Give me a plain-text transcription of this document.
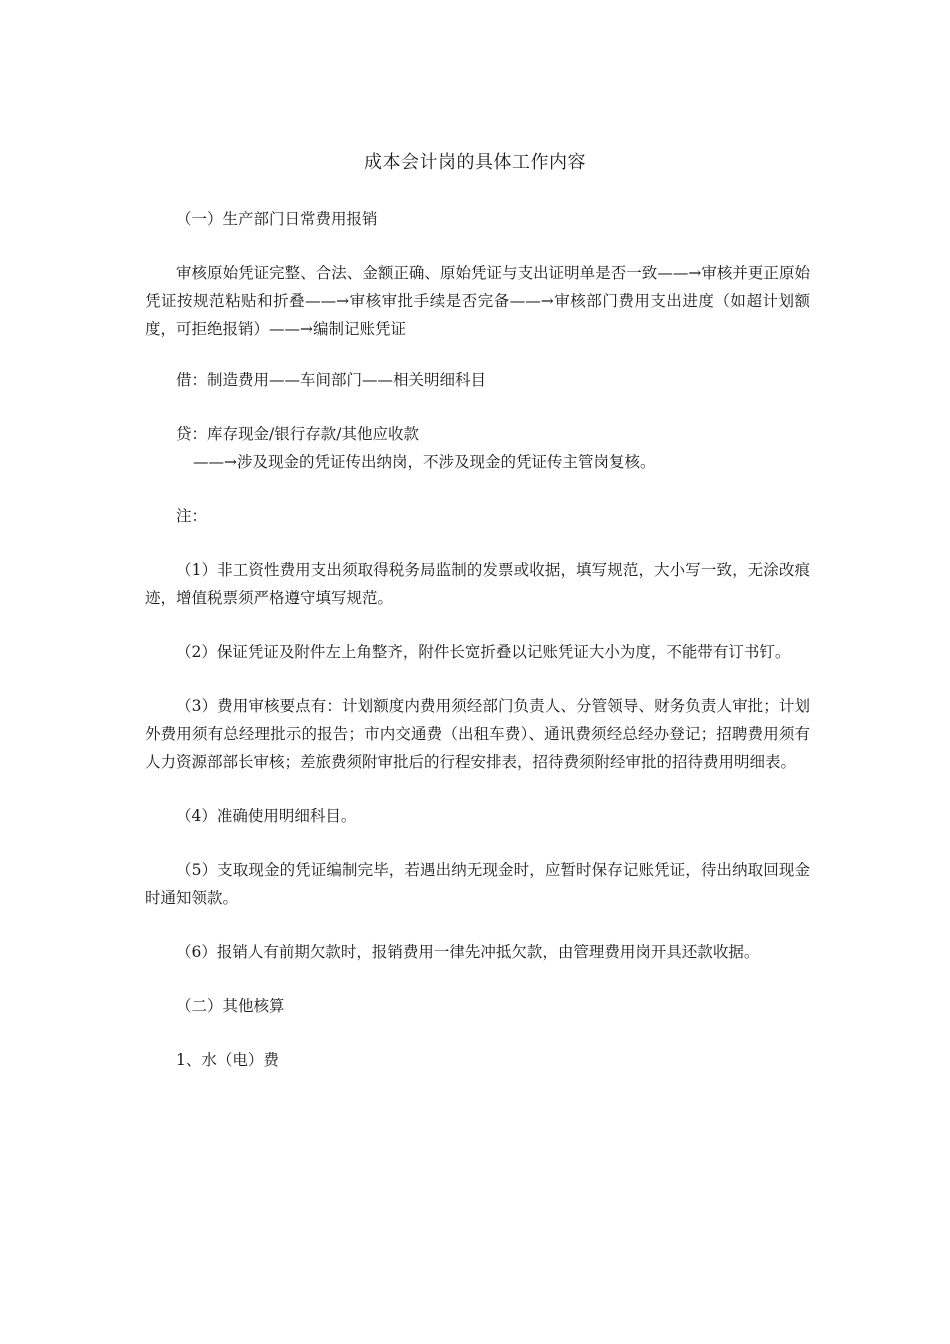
成本会计岗的具体工作内容

（一）生产部门日常费用报销

审核原始凭证完整、合法、金额正确、原始凭证与支出证明单是否一致——→审核并更正原始凭证按规范粘贴和折叠——→审核审批手续是否完备——→审核部门费用支出进度（如超计划额度，可拒绝报销）——→编制记账凭证

借：制造费用——车间部门——相关明细科目

贷：库存现金/银行存款/其他应收款

——→涉及现金的凭证传出纳岗，不涉及现金的凭证传主管岗复核。

注：

（1）非工资性费用支出须取得税务局监制的发票或收据，填写规范，大小写一致，无涂改痕迹，增值税票须严格遵守填写规范。

（2）保证凭证及附件左上角整齐，附件长宽折叠以记账凭证大小为度，不能带有订书钉。

（3）费用审核要点有：计划额度内费用须经部门负责人、分管领导、财务负责人审批；计划外费用须有总经理批示的报告；市内交通费（出租车费）、通讯费须经总经办登记；招聘费用须有人力资源部部长审核；差旅费须附审批后的行程安排表，招待费须附经审批的招待费用明细表。

（4）准确使用明细科目。

（5）支取现金的凭证编制完毕，若遇出纳无现金时，应暂时保存记账凭证，待出纳取回现金时通知领款。

（6）报销人有前期欠款时，报销费用一律先冲抵欠款，由管理费用岗开具还款收据。

（二）其他核算

1、水（电）费
